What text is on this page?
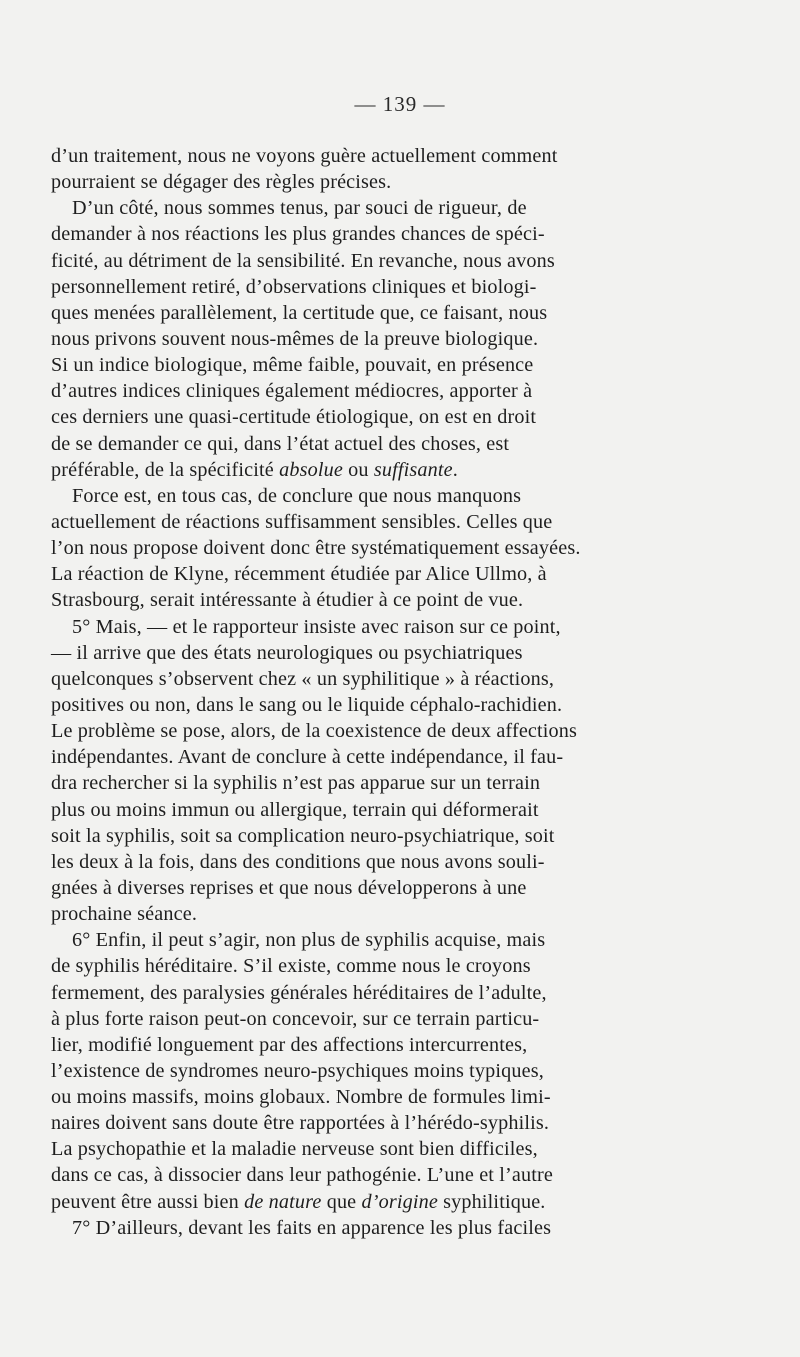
— 139 —
d’un traitement, nous ne voyons guère actuellement comment
pourraient se dégager des règles précises.
D’un côté, nous sommes tenus, par souci de rigueur, de
demander à nos réactions les plus grandes chances de spéci-
ficité, au détriment de la sensibilité. En revanche, nous avons
personnellement retiré, d’observations cliniques et biologi-
ques menées parallèlement, la certitude que, ce faisant, nous
nous privons souvent nous-mêmes de la preuve biologique.
Si un indice biologique, même faible, pouvait, en présence
d’autres indices cliniques également médiocres, apporter à
ces derniers une quasi-certitude étiologique, on est en droit
de se demander ce qui, dans l’état actuel des choses, est
préférable, de la spécificité absolue ou suffisante.
Force est, en tous cas, de conclure que nous manquons
actuellement de réactions suffisamment sensibles. Celles que
l’on nous propose doivent donc être systématiquement essayées.
La réaction de Klyne, récemment étudiée par Alice Ullmo, à
Strasbourg, serait intéressante à étudier à ce point de vue.
5° Mais, — et le rapporteur insiste avec raison sur ce point,
— il arrive que des états neurologiques ou psychiatriques
quelconques s’observent chez « un syphilitique » à réactions,
positives ou non, dans le sang ou le liquide céphalo-rachidien.
Le problème se pose, alors, de la coexistence de deux affections
indépendantes. Avant de conclure à cette indépendance, il fau-
dra rechercher si la syphilis n’est pas apparue sur un terrain
plus ou moins immun ou allergique, terrain qui déformerait
soit la syphilis, soit sa complication neuro-psychiatrique, soit
les deux à la fois, dans des conditions que nous avons souli-
gnées à diverses reprises et que nous développerons à une
prochaine séance.
6° Enfin, il peut s’agir, non plus de syphilis acquise, mais
de syphilis héréditaire. S’il existe, comme nous le croyons
fermement, des paralysies générales héréditaires de l’adulte,
à plus forte raison peut-on concevoir, sur ce terrain particu-
lier, modifié longuement par des affections intercurrentes,
l’existence de syndromes neuro-psychiques moins typiques,
ou moins massifs, moins globaux. Nombre de formules limi-
naires doivent sans doute être rapportées à l’hérédo-syphilis.
La psychopathie et la maladie nerveuse sont bien difficiles,
dans ce cas, à dissocier dans leur pathogénie. L’une et l’autre
peuvent être aussi bien de nature que d’origine syphilitique.
7° D’ailleurs, devant les faits en apparence les plus faciles
